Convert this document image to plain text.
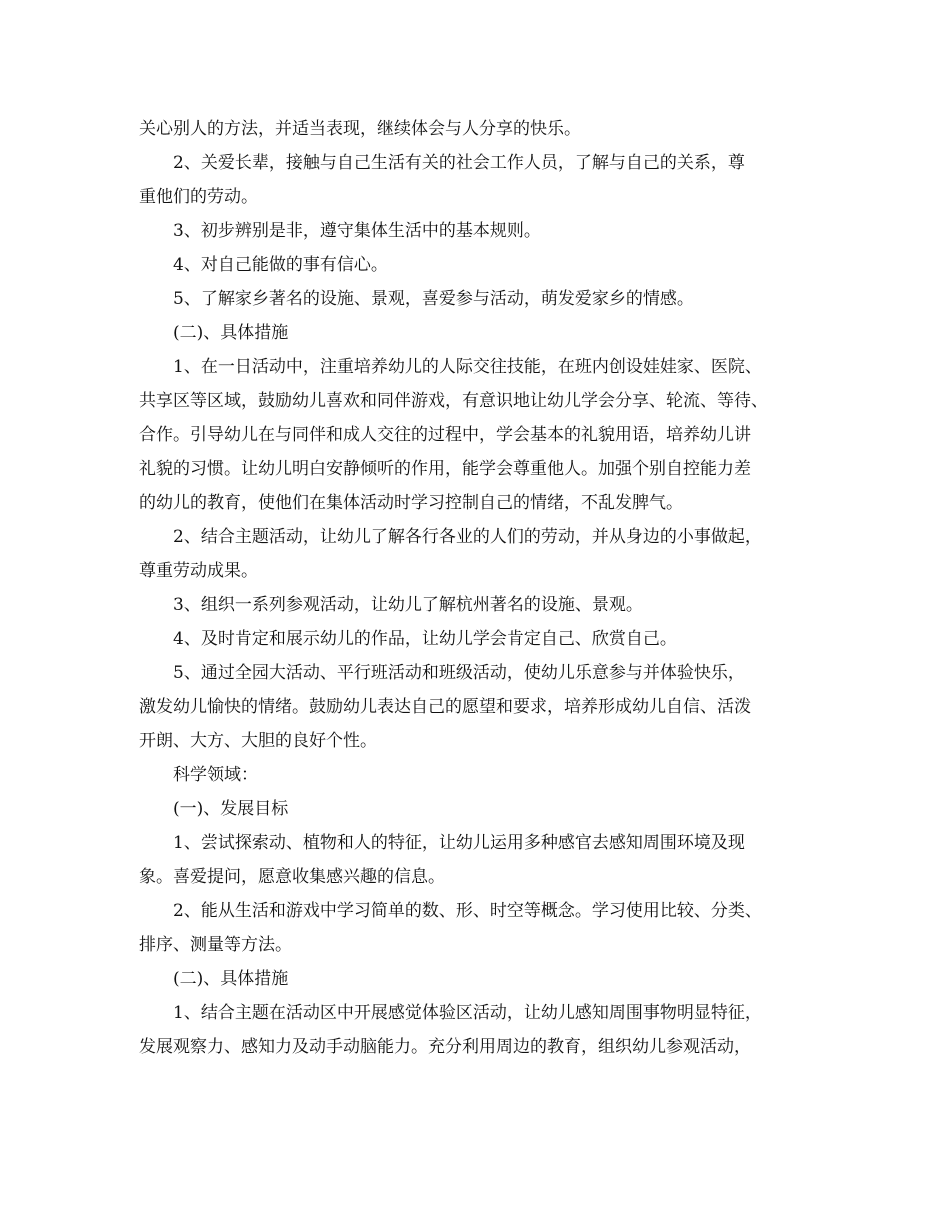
关心别人的方法，并适当表现，继续体会与人分享的快乐。

2、关爱长辈，接触与自己生活有关的社会工作人员，了解与自己的关系，尊

重他们的劳动。

3、初步辨别是非，遵守集体生活中的基本规则。

4、对自己能做的事有信心。

5、了解家乡著名的设施、景观，喜爱参与活动，萌发爱家乡的情感。

(二)、具体措施

1、在一日活动中，注重培养幼儿的人际交往技能，在班内创设娃娃家、医院、

共享区等区域，鼓励幼儿喜欢和同伴游戏，有意识地让幼儿学会分享、轮流、等待、

合作。引导幼儿在与同伴和成人交往的过程中，学会基本的礼貌用语，培养幼儿讲

礼貌的习惯。让幼儿明白安静倾听的作用，能学会尊重他人。加强个别自控能力差

的幼儿的教育，使他们在集体活动时学习控制自己的情绪，不乱发脾气。

2、结合主题活动，让幼儿了解各行各业的人们的劳动，并从身边的小事做起，

尊重劳动成果。

3、组织一系列参观活动，让幼儿了解杭州著名的设施、景观。

4、及时肯定和展示幼儿的作品，让幼儿学会肯定自己、欣赏自己。

5、通过全园大活动、平行班活动和班级活动，使幼儿乐意参与并体验快乐，

激发幼儿愉快的情绪。鼓励幼儿表达自己的愿望和要求，培养形成幼儿自信、活泼

开朗、大方、大胆的良好个性。

科学领域：

(一)、发展目标

1、尝试探索动、植物和人的特征，让幼儿运用多种感官去感知周围环境及现

象。喜爱提问，愿意收集感兴趣的信息。

2、能从生活和游戏中学习简单的数、形、时空等概念。学习使用比较、分类、

排序、测量等方法。

(二)、具体措施

1、结合主题在活动区中开展感觉体验区活动，让幼儿感知周围事物明显特征，

发展观察力、感知力及动手动脑能力。充分利用周边的教育，组织幼儿参观活动，
